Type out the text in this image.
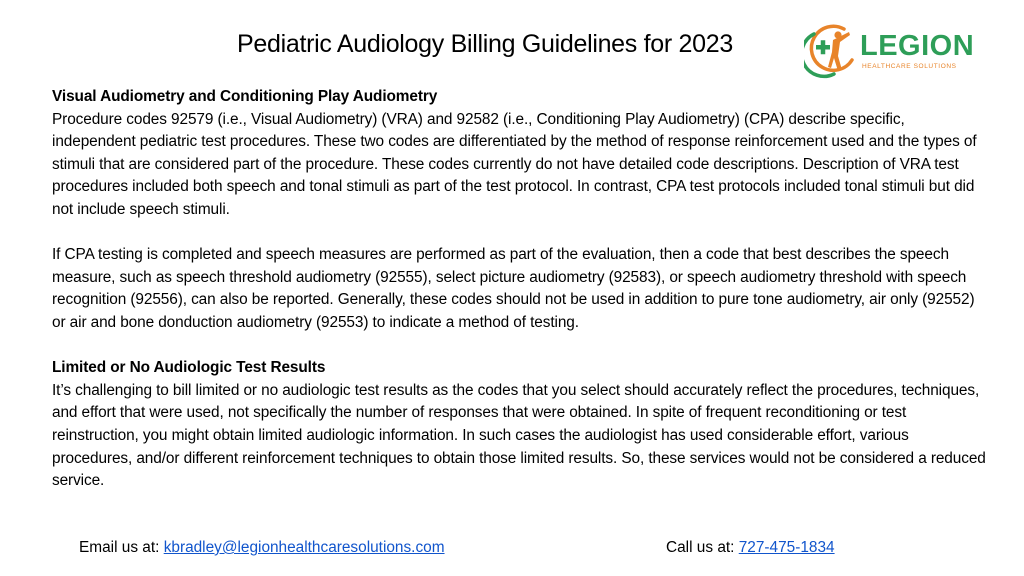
Pediatric Audiology Billing Guidelines for 2023	LEGION
HEALTHCARE SOLUTIONS
Visual Audiometry and Conditioning Play Audiometry

Procedure codes 92579 (i.e., Visual Audiometry) (VRA) and 92582 (i.e., Conditioning Play Audiometry) (CPA) describe specific, independent pediatric test procedures. These two codes are differentiated by the method of response reinforcement used and the types of stimuli that are considered part of the procedure. These codes currently do not have detailed code descriptions. Description of VRA test procedures included both speech and tonal stimuli as part of the test protocol. In contrast, CPA test protocols included tonal stimuli but did not include speech stimuli.

If CPA testing is completed and speech measures are performed as part of the evaluation, then a code that best describes the speech measure, such as speech threshold audiometry (92555), select picture audiometry (92583), or speech audiometry threshold with speech recognition (92556), can also be reported. Generally, these codes should not be used in addition to pure tone audiometry, air only (92552) or air and bone donduction audiometry (92553) to indicate a method of testing.

Limited or No Audiologic Test Results

It’s challenging to bill limited or no audiologic test results as the codes that you select should accurately reflect the procedures, techniques, and effort that were used, not specifically the number of responses that were obtained. In spite of frequent reconditioning or test reinstruction, you might obtain limited audiologic information. In such cases the audiologist has used considerable effort, various procedures, and/or different reinforcement techniques to obtain those limited results. So, these services would not be considered a reduced service.

Email us at: kbradley@legionhealthcaresolutions.com	Call us at: 727-475-1834
